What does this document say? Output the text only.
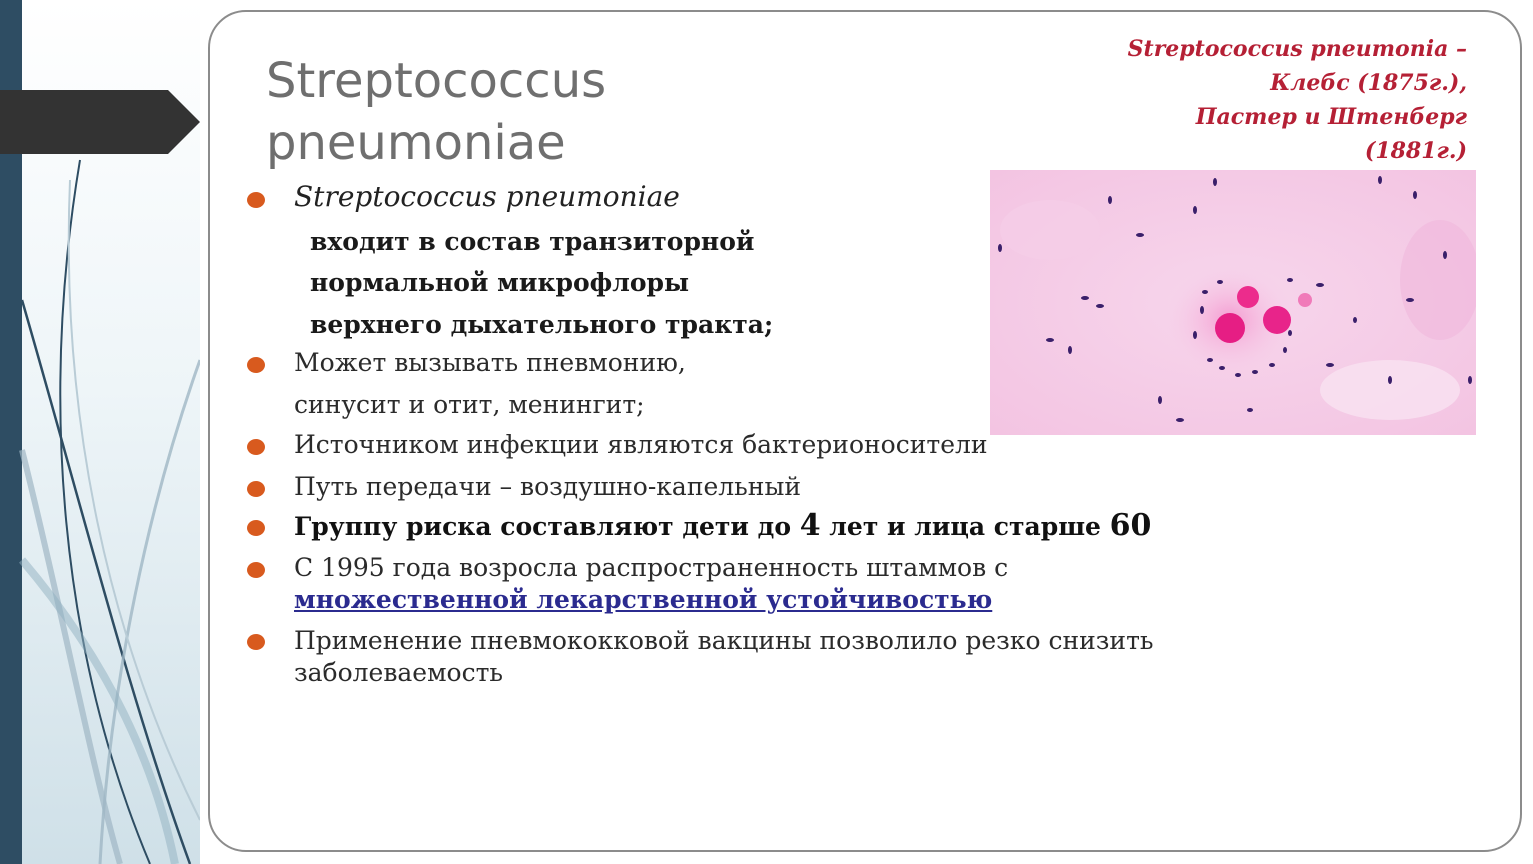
Streptococcus
pneumoniae
Streptococcus pneumonia –
Клебс (1875г.),
Пастер и Штенберг
(1881г.)
Streptococcus pneumoniae
входит в состав транзиторной
нормальной микрофлоры
верхнего дыхательного тракта;
Может вызывать пневмонию,
синусит и отит, менингит;
Источником инфекции являются бактерионосители
Путь передачи – воздушно-капельный
Группу риска составляют дети до 4 лет и лица старше 60
С 1995 года возросла распространенность штаммов с
множественной лекарственной устойчивостью
Применение пневмококковой вакцины позволило резко снизить
заболеваемость
